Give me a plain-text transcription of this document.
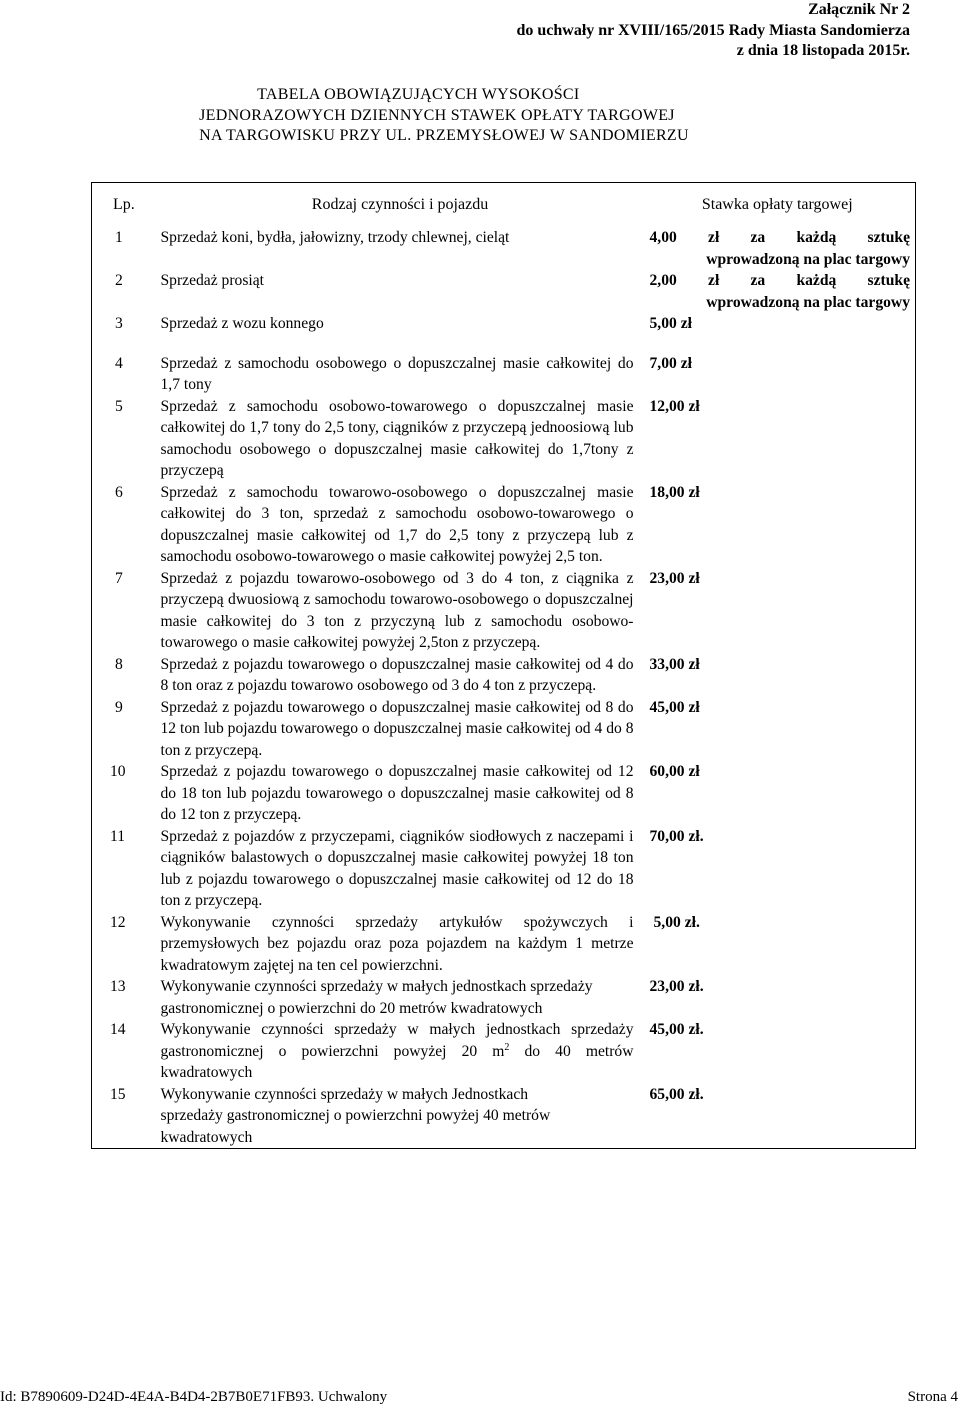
Załącznik Nr 2
do uchwały nr XVIII/165/2015 Rady Miasta Sandomierza
z dnia 18 listopada 2015r.
TABELA OBOWIĄZUJĄCYCH WYSOKOŚCI
JEDNORAZOWYCH DZIENNYCH STAWEK OPŁATY TARGOWEJ
NA TARGOWISKU PRZY UL. PRZEMYSŁOWEJ W SANDOMIERZU
Lp.	Rodzaj czynności i pojazdu	Stawka opłaty targowej
1	Sprzedaż koni, bydła, jałowizny, trzody chlewnej, cieląt	4,00 zł za każdą sztukę
wprowadzoną na plac targowy

2	Sprzedaż prosiąt	2,00 zł za każdą sztukę
wprowadzoną na plac targowy

3	Sprzedaż z wozu konnego	5,00 zł

4	Sprzedaż z samochodu osobowego o dopuszczalnej masie całkowitej do 1,7 tony	7,00 zł
5	Sprzedaż z samochodu osobowo-towarowego o dopuszczalnej masie całkowitej do 1,7 tony do 2,5 tony, ciągników z przyczepą jednoosiową lub samochodu osobowego o dopuszczalnej masie całkowitej do 1,7tony z przyczepą	12,00 zł
6	Sprzedaż z samochodu towarowo-osobowego o dopuszczalnej masie całkowitej do 3 ton, sprzedaż z samochodu osobowo-towarowego o dopuszczalnej masie całkowitej od 1,7 do 2,5 tony z przyczepą lub z samochodu osobowo-towarowego o masie całkowitej powyżej 2,5 ton.	18,00 zł
7	Sprzedaż z pojazdu towarowo-osobowego od 3 do 4 ton, z ciągnika z przyczepą dwuosiową z samochodu towarowo-osobowego o dopuszczalnej masie całkowitej do 3 ton z przyczyną lub z samochodu osobowo-towarowego o masie całkowitej powyżej 2,5ton z przyczepą.	23,00 zł
8	Sprzedaż z pojazdu towarowego o dopuszczalnej masie całkowitej od 4 do 8 ton oraz z pojazdu towarowo osobowego od 3 do 4 ton z przyczepą.	33,00 zł
9	Sprzedaż z pojazdu towarowego o dopuszczalnej masie całkowitej od 8 do 12 ton lub pojazdu towarowego o dopuszczalnej masie całkowitej od 4 do 8 ton z przyczepą.	45,00 zł
10	Sprzedaż z pojazdu towarowego o dopuszczalnej masie całkowitej od 12 do 18 ton lub pojazdu towarowego o dopuszczalnej masie całkowitej od 8 do 12 ton z przyczepą.	60,00 zł
11	Sprzedaż z pojazdów z przyczepami, ciągników siodłowych z naczepami i ciągników balastowych o dopuszczalnej masie całkowitej powyżej 18 ton lub z pojazdu towarowego o dopuszczalnej masie całkowitej od 12 do 18 ton z przyczepą.	70,00 zł.
12	Wykonywanie czynności sprzedaży artykułów spożywczych i przemysłowych bez pojazdu oraz poza pojazdem na każdym 1 metrze kwadratowym zajętej na ten cel powierzchni.	5,00 zł.
13	Wykonywanie czynności sprzedaży w małych jednostkach sprzedaży gastronomicznej o powierzchni do 20 metrów kwadratowych	23,00 zł.
14	Wykonywanie czynności sprzedaży w małych jednostkach sprzedaży gastronomicznej o powierzchni powyżej 20 $m^2$ do 40 metrów kwadratowych	45,00 zł.
15	Wykonywanie czynności sprzedaży w małych Jednostkach sprzedaży gastronomicznej o powierzchni powyżej 40 metrów kwadratowych	65,00 zł.
Id: B7890609-D24D-4E4A-B4D4-2B7B0E71FB93. Uchwalony	Strona 4
